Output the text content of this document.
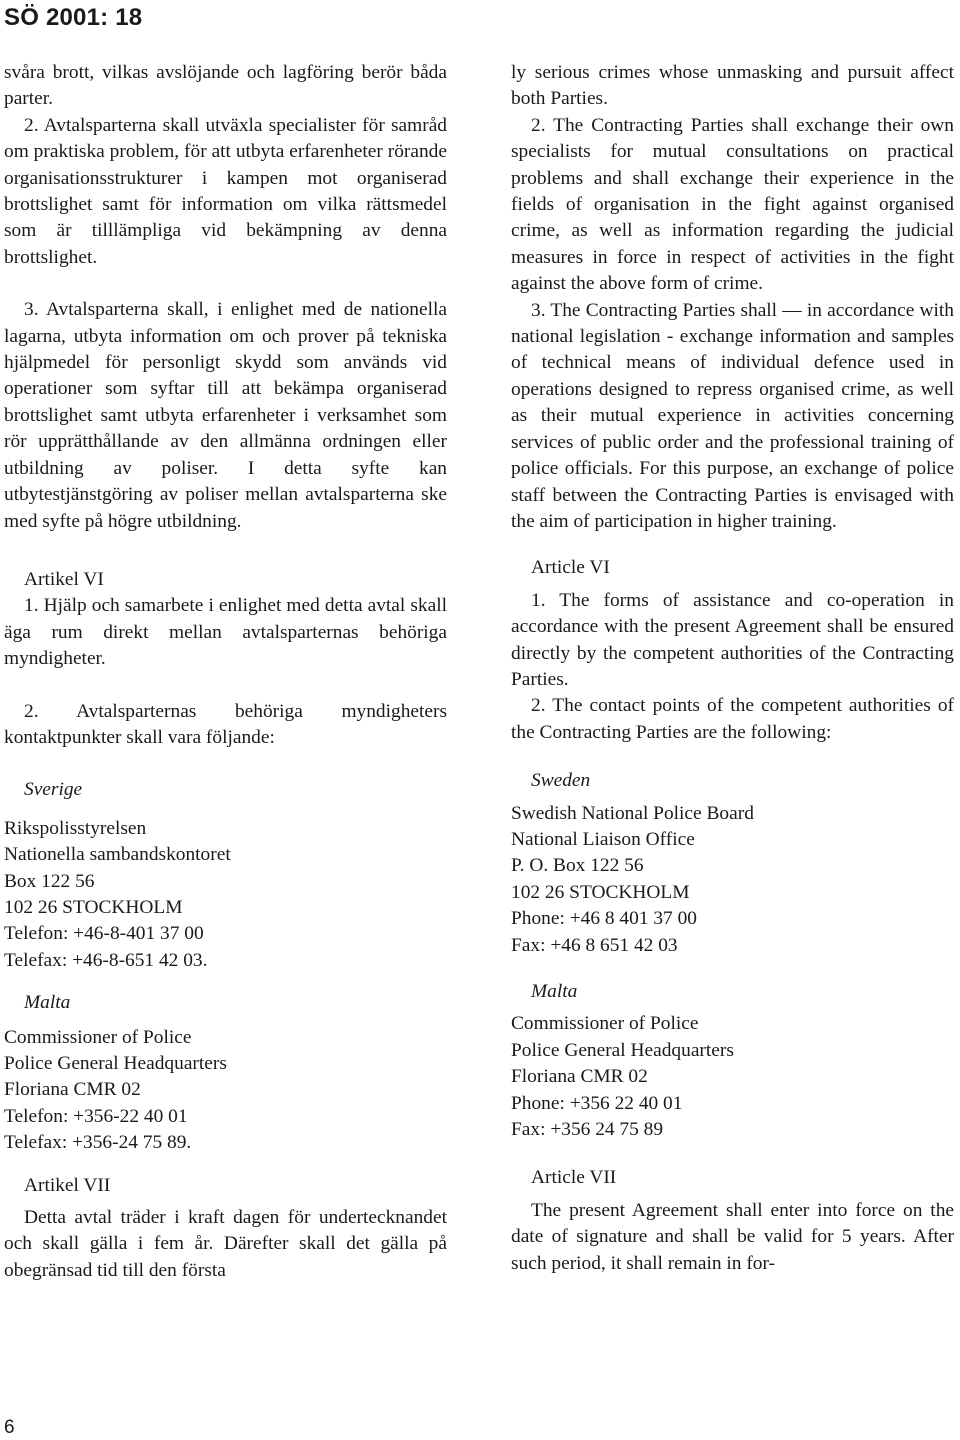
SÖ 2001: 18

svåra brott, vilkas avslöjande och lagföring berör båda parter.

2. Avtalsparterna skall utväxla specialister för samråd om praktiska problem, för att utbyta erfarenheter rörande organisationsstrukturer i kampen mot organiserad brottslighet samt för information om vilka rättsmedel som är tilllämpliga vid bekämpning av denna brottslighet.

3. Avtalsparterna skall, i enlighet med de nationella lagarna, utbyta information om och prover på tekniska hjälpmedel för personligt skydd som används vid operationer som syftar till att bekämpa organiserad brottslighet samt utbyta erfarenheter i verksamhet som rör upprätthållande av den allmänna ordningen eller utbildning av poliser. I detta syfte kan utbytestjänstgöring av poliser mellan avtalsparterna ske med syfte på högre utbildning.

Artikel VI

1. Hjälp och samarbete i enlighet med detta avtal skall äga rum direkt mellan avtalsparternas behöriga myndigheter.

2. Avtalsparternas behöriga myndigheters kontaktpunkter skall vara följande:

Sverige

Rikspolisstyrelsen
Nationella sambandskontoret
Box 122 56
102 26 STOCKHOLM
Telefon: +46-8-401 37 00
Telefax: +46-8-651 42 03.

Malta

Commissioner of Police
Police General Headquarters
Floriana CMR 02
Telefon: +356-22 40 01
Telefax: +356-24 75 89.

Artikel VII

Detta avtal träder i kraft dagen för undertecknandet och skall gälla i fem år. Därefter skall det gälla på obegränsad tid till den första

ly serious crimes whose unmasking and pursuit affect both Parties.

2. The Contracting Parties shall exchange their own specialists for mutual consultations on practical problems and shall exchange their experience in the fields of organisation in the fight against organised crime, as well as information regarding the judicial measures in force in respect of activities in the fight against the above form of crime.

3. The Contracting Parties shall — in accordance with national legislation - exchange information and samples of technical means of individual defence used in operations designed to repress organised crime, as well as their mutual experience in activities concerning services of public order and the professional training of police officials. For this purpose, an exchange of police staff between the Contracting Parties is envisaged with the aim of participation in higher training.

Article VI

1. The forms of assistance and co-operation in accordance with the present Agreement shall be ensured directly by the competent authorities of the Contracting Parties.

2. The contact points of the competent authorities of the Contracting Parties are the following:

Sweden

Swedish National Police Board
National Liaison Office
P. O. Box 122 56
102 26 STOCKHOLM
Phone: +46 8 401 37 00
Fax: +46 8 651 42 03

Malta

Commissioner of Police
Police General Headquarters
Floriana CMR 02
Phone: +356 22 40 01
Fax: +356 24 75 89

Article VII

The present Agreement shall enter into force on the date of signature and shall be valid for 5 years. After such period, it shall remain in for-

6
